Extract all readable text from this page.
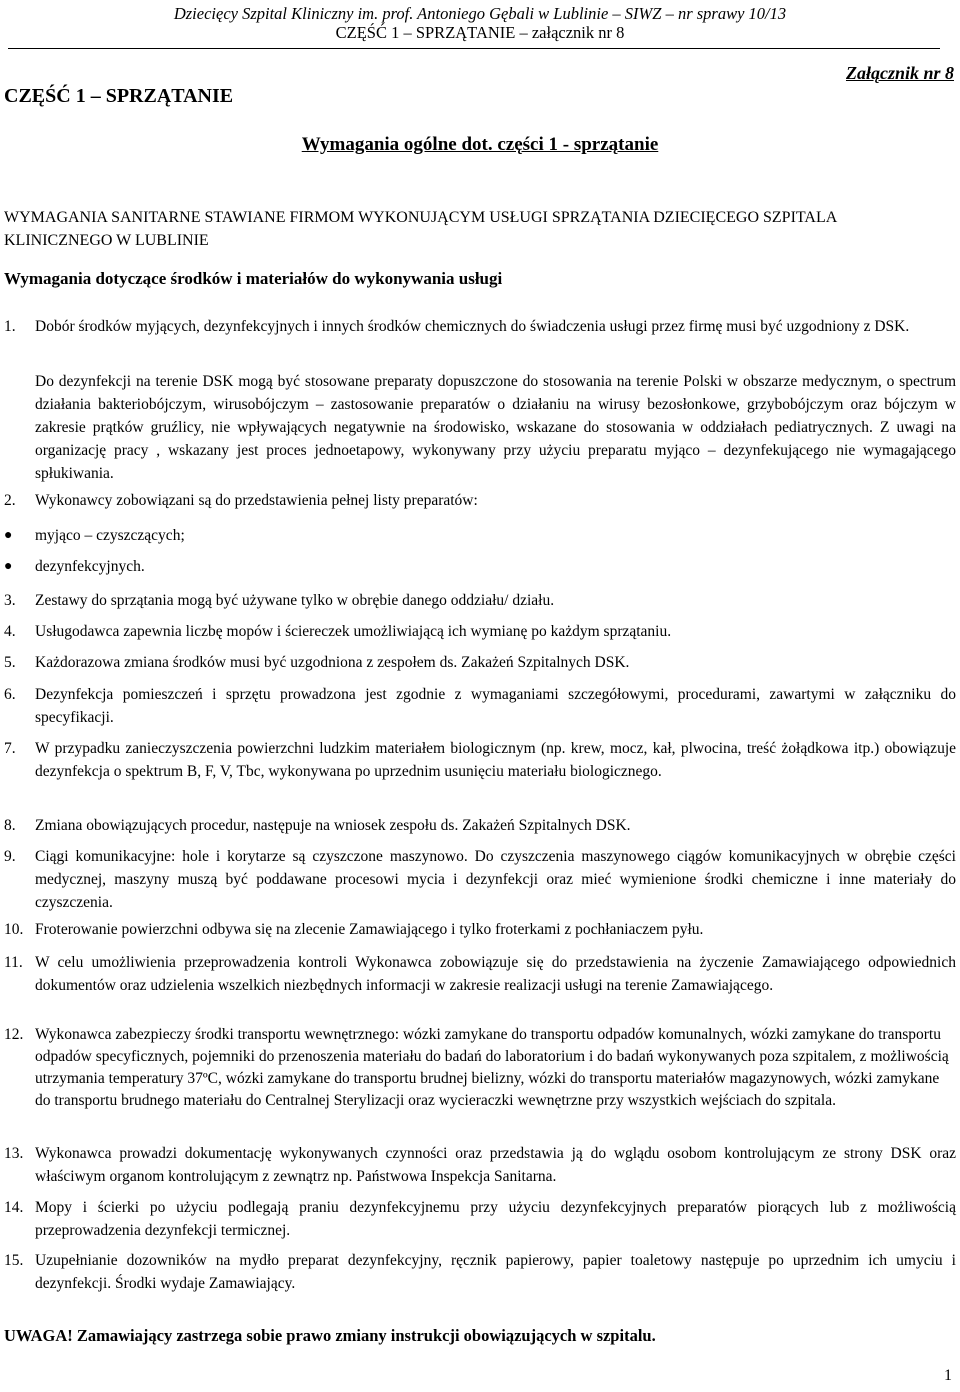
Dziecięcy Szpital Kliniczny im. prof. Antoniego Gębali w Lublinie – SIWZ – nr sprawy 10/13
CZĘŚĆ 1 – SPRZĄTANIE – załącznik nr 8
CZĘŚĆ 1 – SPRZĄTANIE
Załącznik nr 8
Wymagania ogólne dot. części 1 - sprzątanie
WYMAGANIA SANITARNE STAWIANE FIRMOM WYKONUJĄCYM USŁUGI SPRZĄTANIA DZIECIĘCEGO SZPITALA KLINICZNEGO W LUBLINIE
Wymagania dotyczące środków i materiałów do wykonywania usługi
1.	Dobór środków myjących, dezynfekcyjnych i innych środków chemicznych do świadczenia usługi przez firmę musi być uzgodniony z DSK.
Do dezynfekcji na terenie DSK mogą być stosowane preparaty dopuszczone do stosowania na terenie Polski w obszarze medycznym, o spectrum działania bakteriobójczym, wirusobójczym – zastosowanie preparatów o działaniu na wirusy bezosłonkowe, grzybobójczym oraz bójczym w zakresie prątków gruźlicy, nie wpływających negatywnie na środowisko, wskazane do stosowania w oddziałach pediatrycznych. Z uwagi na organizację pracy , wskazany jest proces jednoetapowy, wykonywany przy użyciu preparatu myjąco – dezynfekującego nie wymagającego spłukiwania.
2.	Wykonawcy zobowiązani są do przedstawienia pełnej listy preparatów:
●	myjąco – czyszczących;
●	dezynfekcyjnych.
3.	Zestawy do sprzątania mogą być używane tylko w obrębie danego oddziału/ działu.
4.	Usługodawca zapewnia liczbę mopów i ściereczek umożliwiającą ich wymianę po każdym sprzątaniu.
5.	Każdorazowa zmiana środków musi być uzgodniona z zespołem ds. Zakażeń Szpitalnych DSK.
6.	Dezynfekcja pomieszczeń i sprzętu prowadzona jest zgodnie z wymaganiami szczegółowymi, procedurami, zawartymi w załączniku do specyfikacji.
7.	W przypadku zanieczyszczenia powierzchni ludzkim materiałem biologicznym (np. krew, mocz, kał, plwocina, treść żołądkowa itp.) obowiązuje dezynfekcja o spektrum B, F, V, Tbc, wykonywana po uprzednim usunięciu materiału biologicznego.
8.	Zmiana obowiązujących procedur, następuje na wniosek zespołu ds. Zakażeń Szpitalnych DSK.
9.	Ciągi komunikacyjne: hole i korytarze są czyszczone maszynowo. Do czyszczenia maszynowego ciągów komunikacyjnych w obrębie części medycznej, maszyny muszą być poddawane procesowi mycia i dezynfekcji oraz mieć wymienione środki chemiczne i inne materiały do czyszczenia.
10. Froterowanie powierzchni odbywa się na zlecenie Zamawiającego i tylko froterkami z pochłaniaczem pyłu.
11. W celu umożliwienia przeprowadzenia kontroli Wykonawca zobowiązuje się do przedstawienia na życzenie Zamawiającego odpowiednich dokumentów oraz udzielenia wszelkich niezbędnych informacji w zakresie realizacji usługi na terenie Zamawiającego.
12. Wykonawca zabezpieczy środki transportu wewnętrznego: wózki zamykane do transportu odpadów komunalnych, wózki zamykane do transportu odpadów specyficznych, pojemniki do przenoszenia materiału do badań do laboratorium i do badań wykonywanych poza szpitalem, z możliwością utrzymania temperatury 37ºC, wózki zamykane do transportu brudnej bielizny, wózki do transportu materiałów magazynowych, wózki zamykane do transportu brudnego materiału do Centralnej Sterylizacji oraz wycieraczki wewnętrzne przy wszystkich wejściach do szpitala.
13. Wykonawca prowadzi dokumentację wykonywanych czynności oraz przedstawia ją do wglądu osobom kontrolującym ze strony DSK oraz właściwym organom kontrolującym z zewnątrz np. Państwowa Inspekcja Sanitarna.
14. Mopy i ścierki po użyciu podlegają praniu dezynfekcyjnemu przy użyciu dezynfekcyjnych preparatów piorących lub z możliwością przeprowadzenia dezynfekcji termicznej.
15. Uzupełnianie dozowników na mydło preparat dezynfekcyjny, ręcznik papierowy, papier toaletowy następuje po uprzednim ich umyciu i dezynfekcji. Środki wydaje Zamawiający.
UWAGA! Zamawiający zastrzega sobie prawo zmiany instrukcji obowiązujących w szpitalu.
1
